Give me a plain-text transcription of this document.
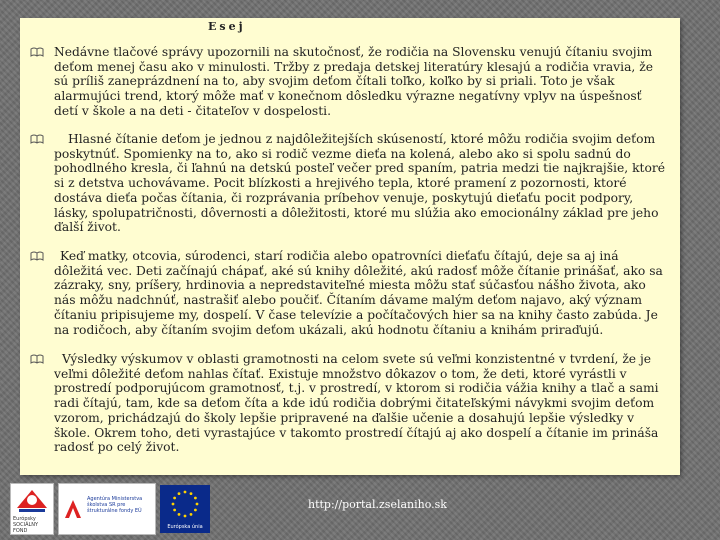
Esej
Nedávne tlačové správy upozornili na skutočnosť, že rodičia na Slovensku venujú čítaniu svojim deťom menej času ako v minulosti. Tržby z predaja detskej literatúry klesajú a rodičia vravia, že sú príliš zaneprázdnení na to, aby svojim deťom čítali toľko, koľko by si priali. Toto je však alarmujúci trend, ktorý môže mať v konečnom dôsledku výrazne negatívny vplyv na úspešnosť detí v škole a na deti - čitateľov v dospelosti.
Hlasné čítanie deťom je jednou z najdôležitejších skúseností, ktoré môžu rodičia svojim deťom poskytnúť. Spomienky na to, ako si rodič vezme dieťa na kolená, alebo ako si spolu sadnú do pohodlného kresla, či ľahnú na detskú posteľ večer pred spaním, patria medzi tie najkrajšie, ktoré si z detstva uchovávame. Pocit blízkosti a hrejivého tepla, ktoré pramení z pozornosti, ktoré dostáva dieťa počas čítania, či rozprávania príbehov venuje, poskytujú dieťaťu pocit podpory, lásky, spolupatričnosti, dôvernosti a dôležitosti, ktoré mu slúžia ako emocionálny základ pre jeho ďalší život.
Keď matky, otcovia, súrodenci, starí rodičia alebo opatrovníci dieťaťu čítajú, deje sa aj iná dôležitá vec. Deti začínajú chápať, aké sú knihy dôležité, akú radosť môže čítanie prinášať, ako sa zázraky, sny, príšery, hrdinovia a nepredstaviteľné miesta môžu stať súčasťou nášho života, ako nás môžu nadchnúť, nastrašiť alebo poučiť. Čítaním dávame malým deťom najavo, aký význam čítaniu pripisujeme my, dospelí. V čase televízie a počítačových hier sa na knihy často zabúda. Je na rodičoch, aby čítaním svojim deťom ukázali, akú hodnotu čítaniu a knihám priraďujú.
Výsledky výskumov v oblasti gramotnosti na celom svete sú veľmi konzistentné v tvrdení, že je veľmi dôležité deťom nahlas čítať. Existuje množstvo dôkazov o tom, že deti, ktoré vyrástli v prostredí podporujúcom gramotnosť, t.j. v prostredí, v ktorom si rodičia vážia knihy a tlač a sami radi čítajú, tam, kde sa deťom číta a kde idú rodičia dobrými čitateľskými návykmi svojim deťom vzorom, prichádzajú do školy lepšie pripravené na ďalšie učenie a dosahujú lepšie výsledky v škole. Okrem toho, deti vyrastajúce v takomto prostredí čítajú aj ako dospelí a čítanie im prináša radosť po celý život.
Európsky SOCIÁLNY FOND
Agentúra Ministerstva školstva SR pre štrukturálne fondy EÚ
Európska únia
http://portal.zselaniho.sk
